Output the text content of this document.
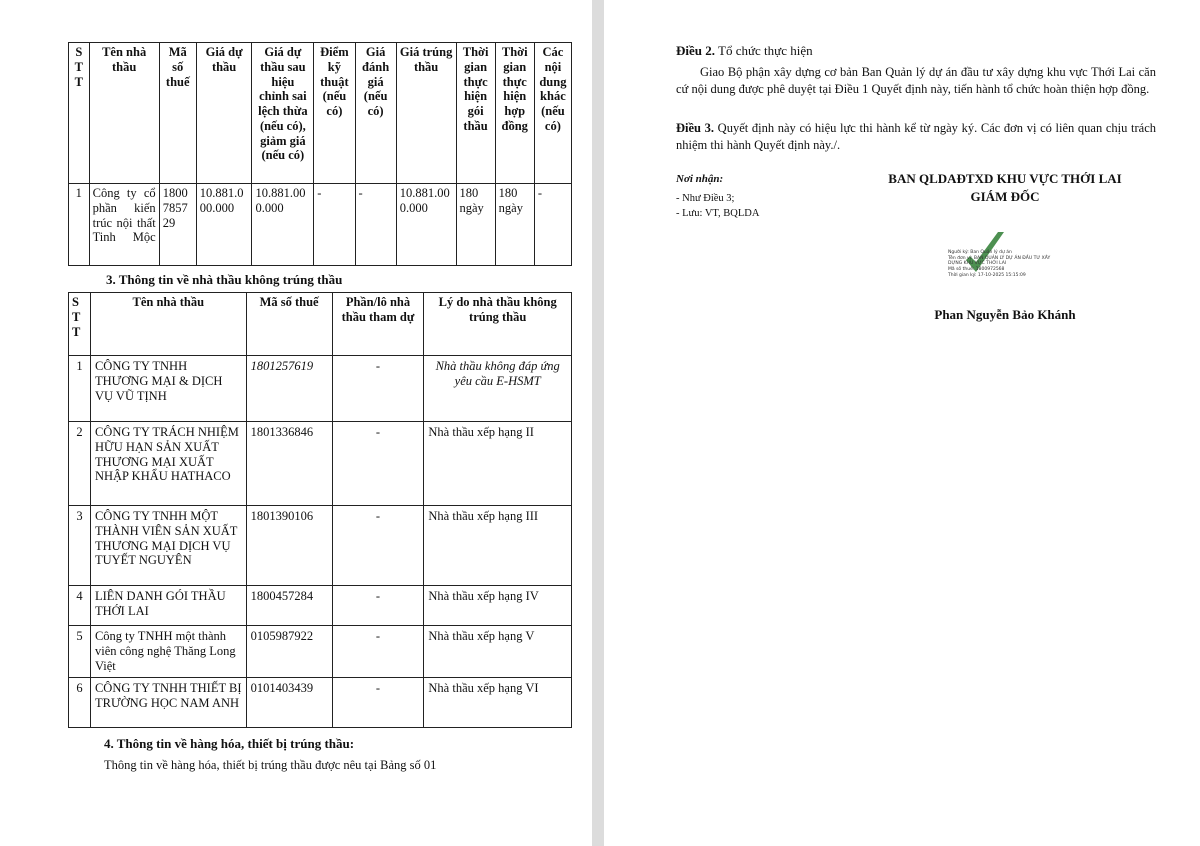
STT	Tên nhà thầu	Mã số thuế	Giá dự thầu	Giá dự thầu sau hiệu chỉnh sai lệch thừa (nếu có), giảm giá (nếu có)	Điểm kỹ thuật (nếu có)	Giá đánh giá (nếu có)	Giá trúng thầu	Thời gian thực hiện gói thầu	Thời gian thực hiện hợp đồng	Các nội dung khác (nếu có)
1	Công ty cổ phần kiến trúc nội thất Tinh Mộc	1800785729	10.881.000.000	10.881.000.000	-	-	10.881.000.000	180 ngày	180 ngày	-
3. Thông tin về nhà thầu không trúng thầu
STT	Tên nhà thầu	Mã số thuế	Phần/lô nhà thầu tham dự	Lý do nhà thầu không trúng thầu
1	CÔNG TY TNHH THƯƠNG MẠI & DỊCH VỤ VŨ TỊNH	1801257619	-	Nhà thầu không đáp ứng yêu cầu E-HSMT
2	CÔNG TY TRÁCH NHIỆM HỮU HẠN SẢN XUẤT THƯƠNG MẠI XUẤT NHẬP KHẨU HATHACO	1801336846	-	Nhà thầu xếp hạng II
3	CÔNG TY TNHH MỘT THÀNH VIÊN SẢN XUẤT THƯƠNG MẠI DỊCH VỤ TUYẾT NGUYÊN	1801390106	-	Nhà thầu xếp hạng III
4	LIÊN DANH GÓI THẦU THỚI LAI	1800457284	-	Nhà thầu xếp hạng IV
5	Công ty TNHH một thành viên công nghệ Thăng Long Việt	0105987922	-	Nhà thầu xếp hạng V
6	CÔNG TY TNHH THIẾT BỊ TRƯỜNG HỌC NAM ANH	0101403439	-	Nhà thầu xếp hạng VI
4. Thông tin về hàng hóa, thiết bị trúng thầu:
Thông tin về hàng hóa, thiết bị trúng thầu được nêu tại Bảng số 01
Điều 2. Tổ chức thực hiện
Giao Bộ phận xây dựng cơ bản Ban Quản lý dự án đầu tư xây dựng khu vực Thới Lai căn cứ nội dung được phê duyệt tại Điều 1 Quyết định này, tiến hành tổ chức hoàn thiện hợp đồng.
Điều 3. Quyết định này có hiệu lực thi hành kể từ ngày ký. Các đơn vị có liên quan chịu trách nhiệm thi hành Quyết định này./.
Nơi nhận:
- Như Điều 3;
- Lưu: VT, BQLDA
BAN QLDAĐTXD KHU VỰC THỚI LAI
GIÁM ĐỐC
Người ký: Ban Quản lý dự án
Tên đơn vị: BAN QUẢN LÝ DỰ ÁN ĐẦU TƯ XÂY
DỰNG KHU VỰC THỚI LAI
Mã số thuế: 1800972568
Thời gian ký: 17-10-2025 15:15:09
Phan Nguyễn Bảo Khánh
